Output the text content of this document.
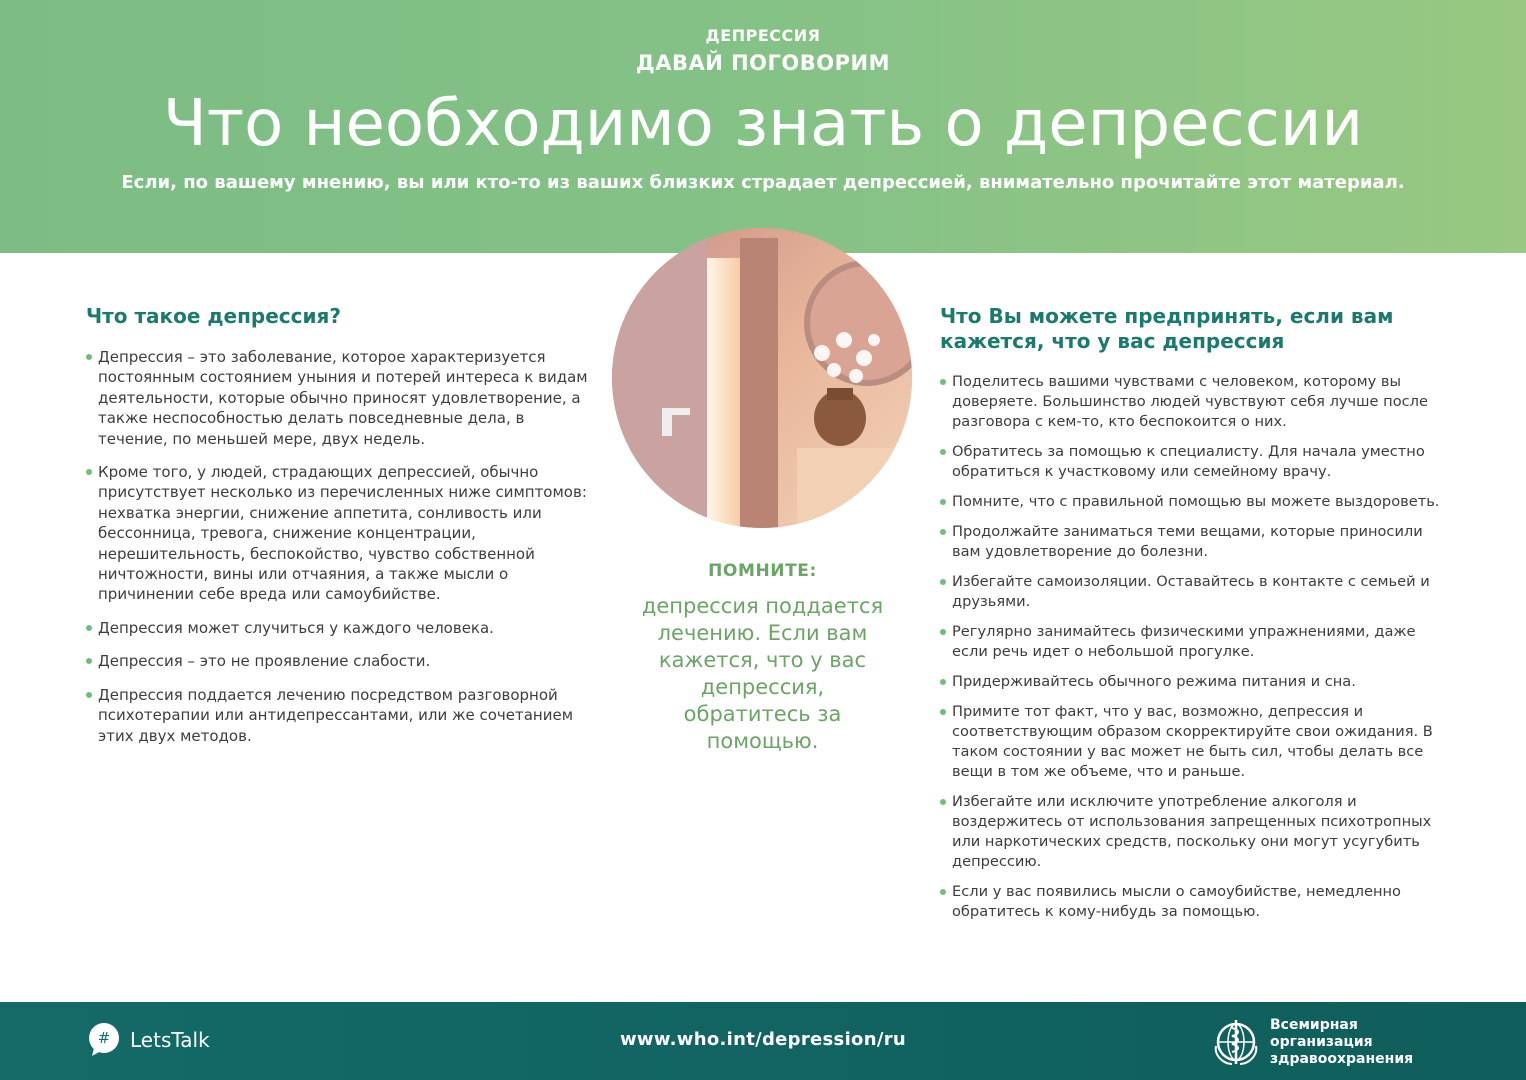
ДЕПРЕССИЯ
ДАВАЙ ПОГОВОРИМ
Что необходимо знать о депрессии
Если, по вашему мнению, вы или кто-то из ваших близких страдает депрессией, внимательно прочитайте этот материал.
Что такое депрессия?
Депрессия – это заболевание, которое характеризуется постоянным состоянием уныния и потерей интереса к видам деятельности, которые обычно приносят удовлетворение, а также неспособностью делать повседневные дела, в течение, по меньшей мере, двух недель.
Кроме того, у людей, страдающих депрессией, обычно присутствует несколько из перечисленных ниже симптомов: нехватка энергии, снижение аппетита, сонливость или бессонница, тревога, снижение концентрации, нерешительность, беспокойство, чувство собственной ничтожности, вины или отчаяния, а также мысли о причинении себе вреда или самоубийстве.
Депрессия может случиться у каждого человека.
Депрессия – это не проявление слабости.
Депрессия поддается лечению посредством разговорной психотерапии или антидепрессантами, или же сочетанием этих двух методов.
ПОМНИТЕ:
депрессия поддается лечению. Если вам кажется, что у вас депрессия, обратитесь за помощью.
Что Вы можете предпринять, если вам кажется, что у вас депрессия
Поделитесь вашими чувствами с человеком, которому вы доверяете. Большинство людей чувствуют себя лучше после разговора с кем-то, кто беспокоится о них.
Обратитесь за помощью к специалисту. Для начала уместно обратиться к участковому или семейному врачу.
Помните, что с правильной помощью вы можете выздороветь.
Продолжайте заниматься теми вещами, которые приносили вам удовлетворение до болезни.
Избегайте самоизоляции. Оставайтесь в контакте с семьей и друзьями.
Регулярно занимайтесь физическими упражнениями, даже если речь идет о небольшой прогулке.
Придерживайтесь обычного режима питания и сна.
Примите тот факт, что у вас, возможно, депрессия и соответствующим образом скорректируйте свои ожидания. В таком состоянии у вас может не быть сил, чтобы делать все вещи в том же объеме, что и раньше.
Избегайте или исключите употребление алкоголя и воздержитесь от использования запрещенных психотропных или наркотических средств, поскольку они могут усугубить депрессию.
Если у вас появились мысли о самоубийстве, немедленно обратитесь к кому-нибудь за помощью.
# LetsTalk	www.who.int/depression/ru
Всемирная организация здравоохранения
